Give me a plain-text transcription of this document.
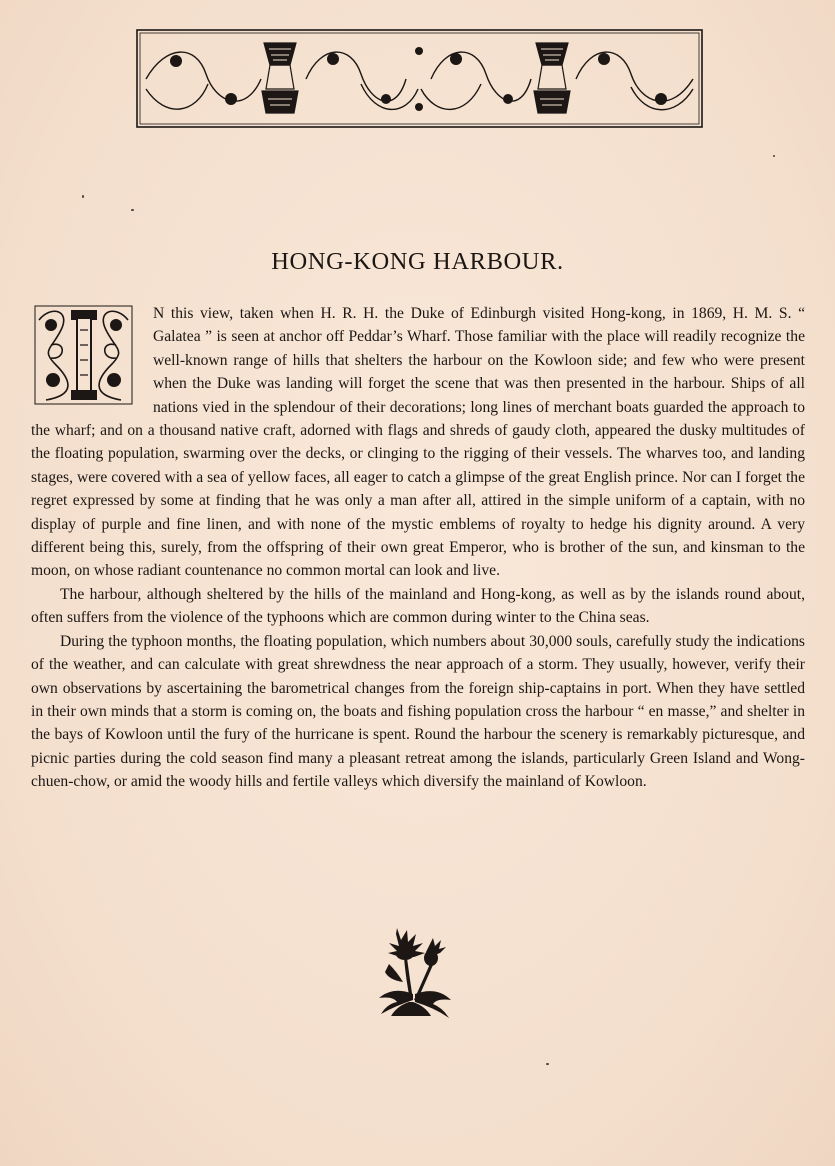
HONG-KONG HARBOUR.

N this view, taken when H. R. H. the Duke of Edinburgh visited Hong-kong, in 1869, H. M. S. “ Galatea ” is seen at anchor off Peddar’s Wharf. Those familiar with the place will readily recognize the well-known range of hills that shelters the harbour on the Kowloon side; and few who were present when the Duke was landing will forget the scene that was then presented in the harbour. Ships of all nations vied in the splendour of their decorations; long lines of merchant boats guarded the approach to the wharf; and on a thousand native craft, adorned with flags and shreds of gaudy cloth, appeared the dusky multitudes of the floating population, swarming over the decks, or clinging to the rigging of their vessels. The wharves too, and landing stages, were covered with a sea of yellow faces, all eager to catch a glimpse of the great English prince. Nor can I forget the regret expressed by some at finding that he was only a man after all, attired in the simple uniform of a captain, with no display of purple and fine linen, and with none of the mystic emblems of royalty to hedge his dignity around. A very different being this, surely, from the offspring of their own great Emperor, who is brother of the sun, and kinsman to the moon, on whose radiant countenance no common mortal can look and live.

The harbour, although sheltered by the hills of the mainland and Hong-kong, as well as by the islands round about, often suffers from the violence of the typhoons which are common during winter to the China seas.

During the typhoon months, the floating population, which numbers about 30,000 souls, carefully study the indications of the weather, and can calculate with great shrewdness the near approach of a storm. They usually, however, verify their own observations by ascertaining the barometrical changes from the foreign ship-captains in port. When they have settled in their own minds that a storm is coming on, the boats and fishing population cross the harbour “ en masse,” and shelter in the bays of Kowloon until the fury of the hurricane is spent. Round the harbour the scenery is remarkably picturesque, and picnic parties during the cold season find many a pleasant retreat among the islands, particularly Green Island and Wong-chuen-chow, or amid the woody hills and fertile valleys which diversify the mainland of Kowloon.
